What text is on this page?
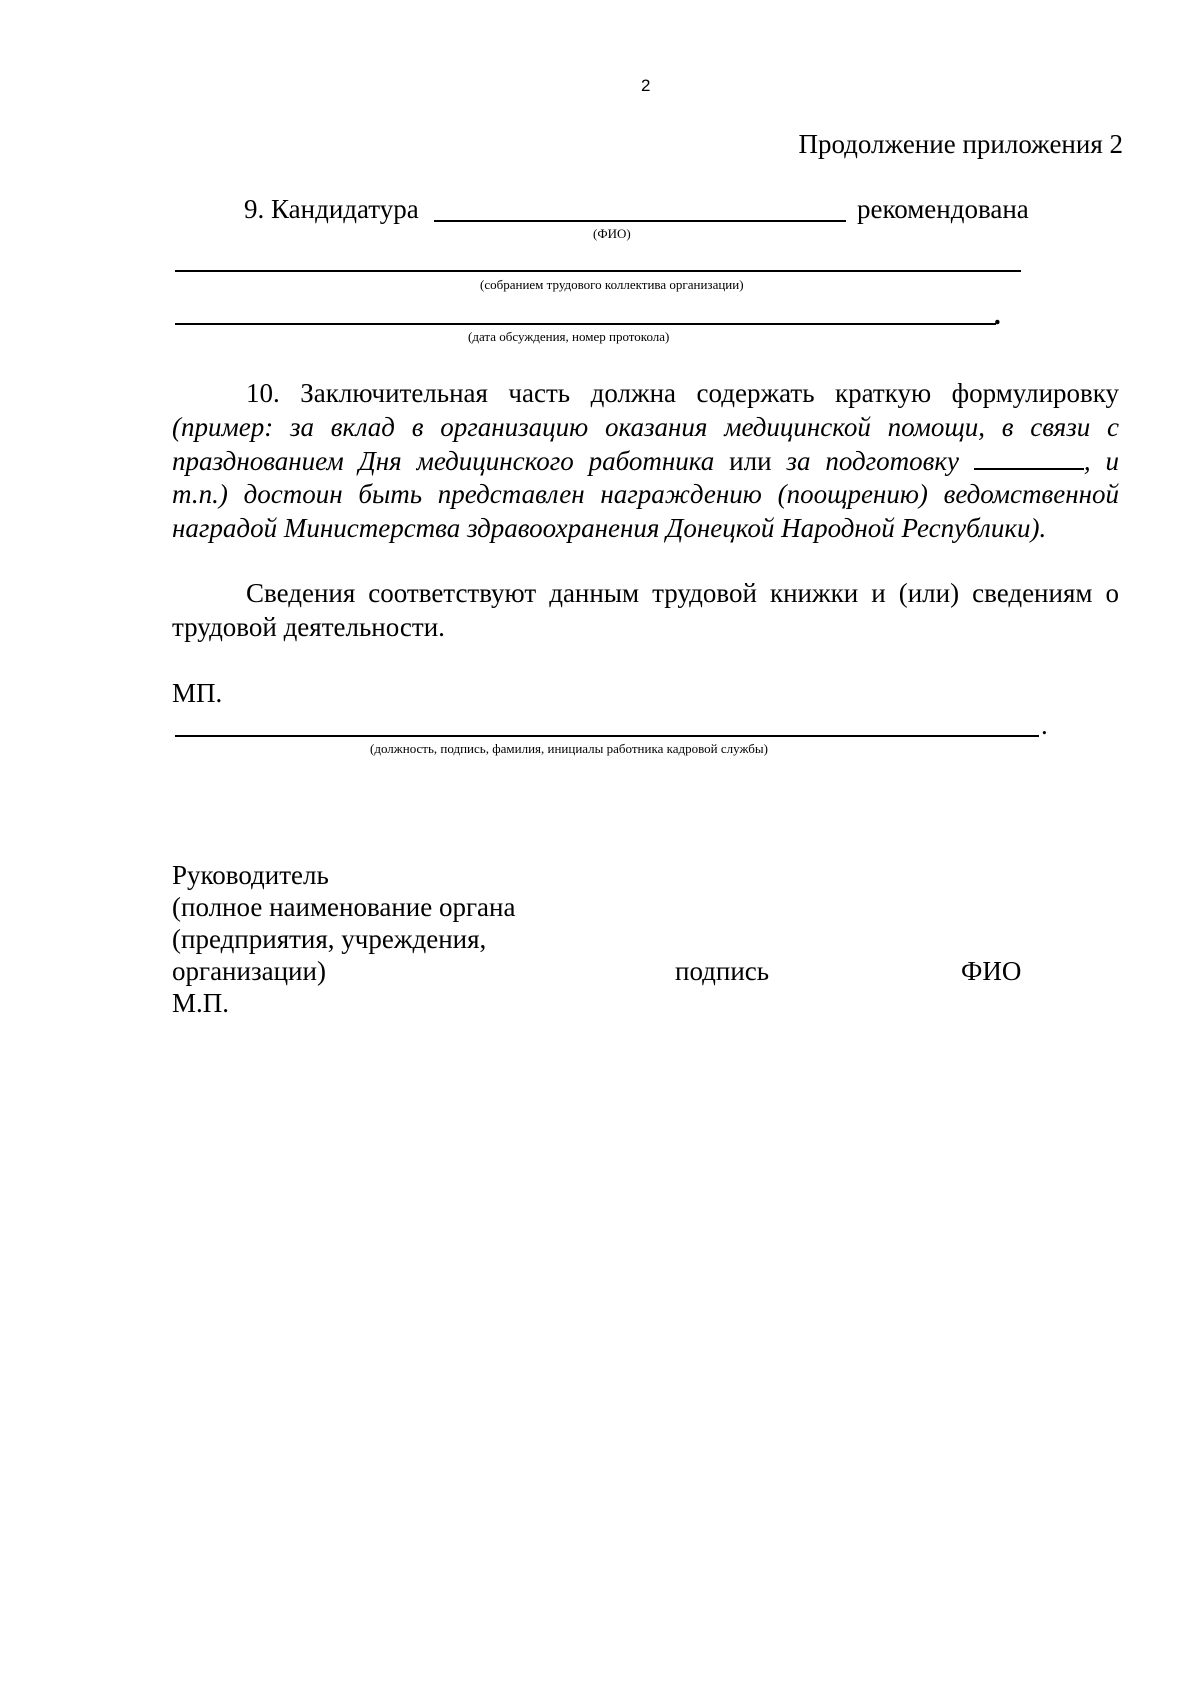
2
Продолжение приложения 2
9. Кандидатура	рекомендована
(ФИО)
(собранием трудового коллектива организации)
.
(дата обсуждения, номер протокола)
10. Заключительная часть должна содержать краткую формулировку
(пример: за вклад в организацию оказания медицинской помощи, в связи с
празднованием Дня медицинского работника или за подготовку	, и
т.п.) достоин быть представлен награждению (поощрению) ведомственной
наградой Министерства здравоохранения Донецкой Народной Республики).
Сведения соответствуют данным трудовой книжки и (или) сведениям о
трудовой деятельности.
МП.
.
(должность, подпись, фамилия, инициалы работника кадровой службы)
Руководитель
(полное наименование органа
(предприятия, учреждения,
организации)	подпись	ФИО
М.П.
